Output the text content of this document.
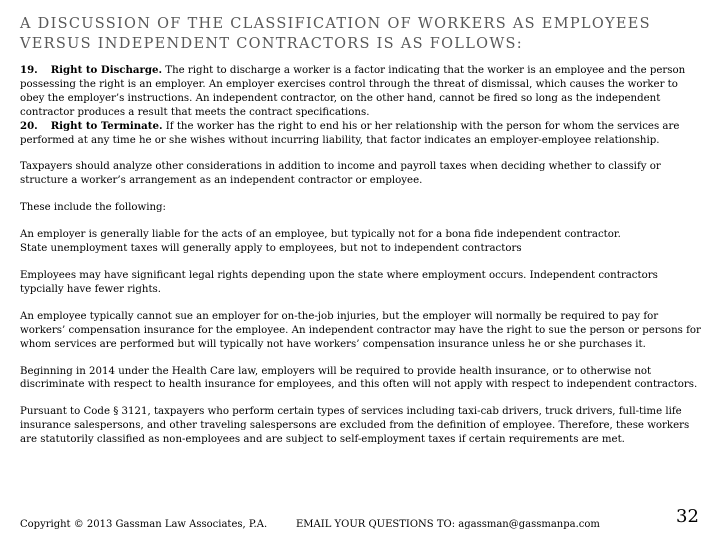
A DISCUSSION OF THE CLASSIFICATION OF WORKERS AS EMPLOYEES
VERSUS INDEPENDENT CONTRACTORS IS AS FOLLOWS:

19. Right to Discharge. The right to discharge a worker is a factor indicating that the worker is an employee and the person possessing the right is an employer. An employer exercises control through the threat of dismissal, which causes the worker to obey the employer’s instructions. An independent contractor, on the other hand, cannot be fired so long as the independent contractor produces a result that meets the contract specifications.

20. Right to Terminate. If the worker has the right to end his or her relationship with the person for whom the services are performed at any time he or she wishes without incurring liability, that factor indicates an employer-employee relationship.

Taxpayers should analyze other considerations in addition to income and payroll taxes when deciding whether to classify or structure a worker’s arrangement as an independent contractor or employee.

These include the following:

An employer is generally liable for the acts of an employee, but typically not for a bona fide independent contractor.

State unemployment taxes will generally apply to employees, but not to independent contractors

Employees may have significant legal rights depending upon the state where employment occurs. Independent contractors typcially have fewer rights.

An employee typically cannot sue an employer for on-the-job injuries, but the employer will normally be required to pay for workers’ compensation insurance for the employee. An independent contractor may have the right to sue the person or persons for whom services are performed but will typically not have workers’ compensation insurance unless he or she purchases it.

Beginning in 2014 under the Health Care law, employers will be required to provide health insurance, or to otherwise not discriminate with respect to health insurance for employees, and this often will not apply with respect to independent contractors.

Pursuant to Code § 3121, taxpayers who perform certain types of services including taxi-cab drivers, truck drivers, full-time life insurance salespersons, and other traveling salespersons are excluded from the definition of employee. Therefore, these workers are statutorily classified as non-employees and are subject to self-employment taxes if certain requirements are met.

Copyright © 2013 Gassman Law Associates, P.A.	EMAIL YOUR QUESTIONS TO: agassman@gassmanpa.com	32
